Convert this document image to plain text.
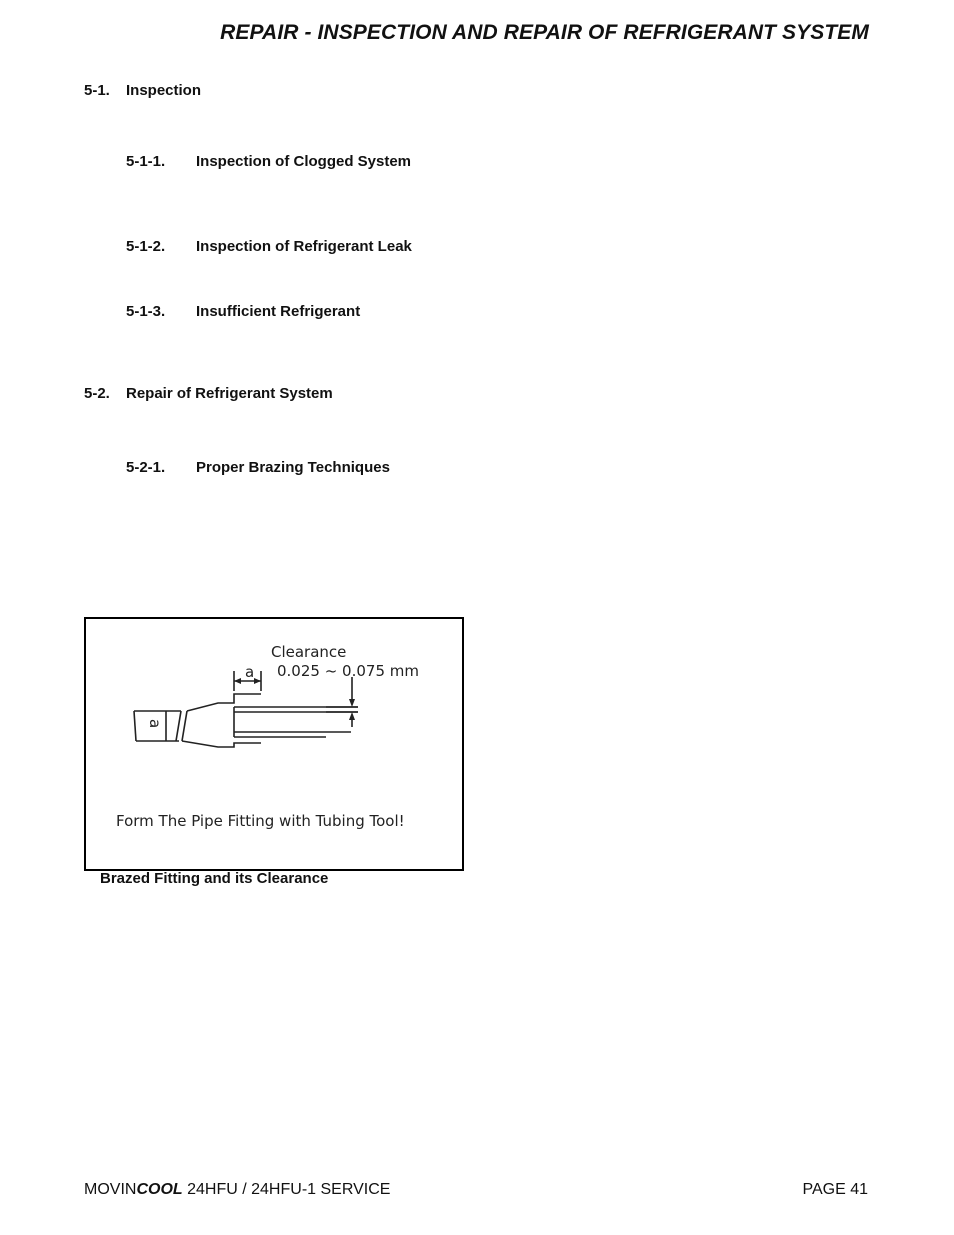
REPAIR - INSPECTION AND REPAIR OF REFRIGERANT SYSTEM
5-1. Inspection
5-1-1. Inspection of Clogged System
5-1-2. Inspection of Refrigerant Leak
5-1-3. Insufficient Refrigerant
5-2. Repair of Refrigerant System
5-2-1. Proper Brazing Techniques
Clearance
0.025 ~ 0.075 mm
a
a
Form The Pipe Fitting with Tubing Tool!
Brazed Fitting and its Clearance
MOVINCOOL 24HFU / 24HFU-1 SERVICE	PAGE 41
